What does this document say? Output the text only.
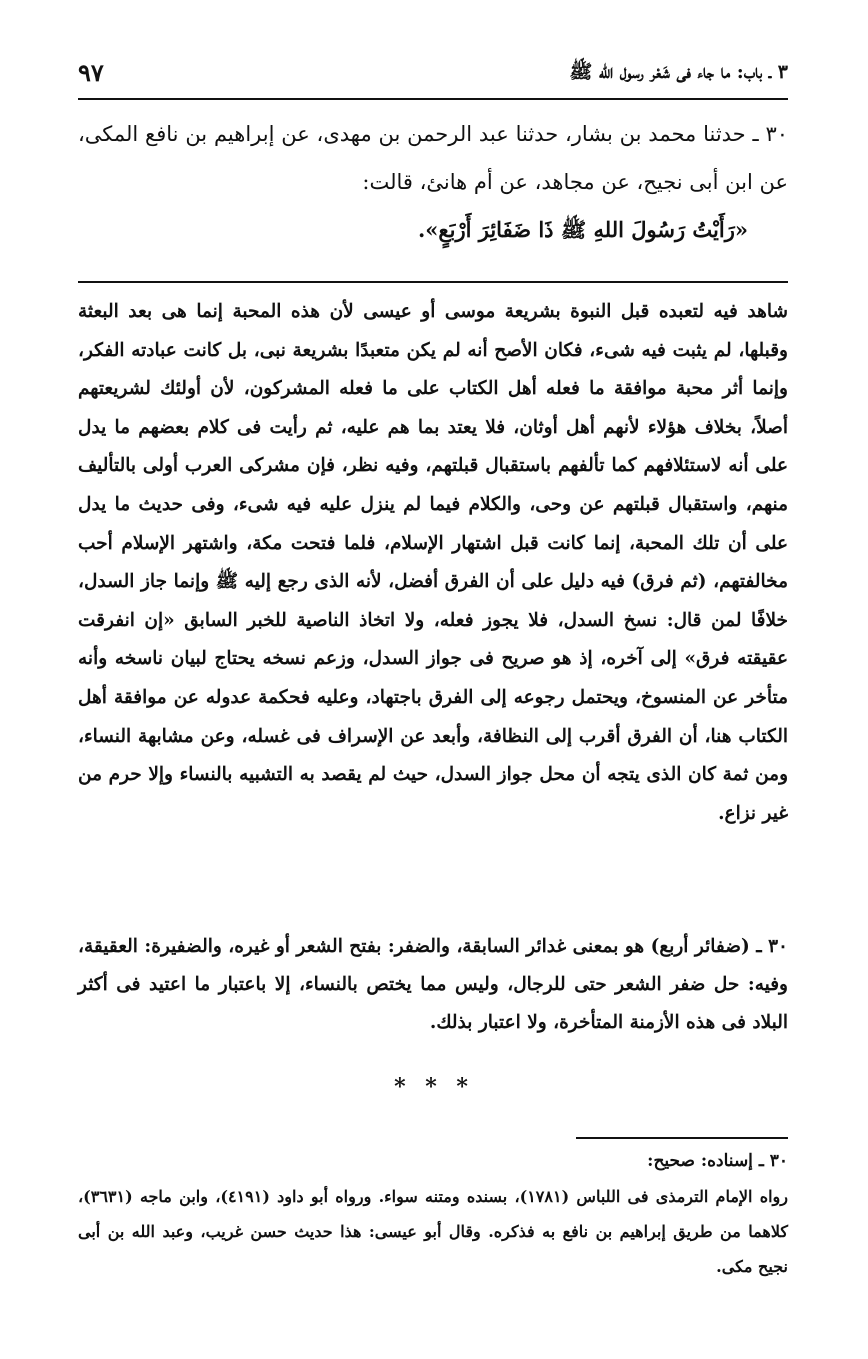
٣ ـ باب: ما جاء فى شَعْر رسول الله ﷺ
٩٧

٣٠ ـ حدثنا محمد بن بشار، حدثنا عبد الرحمن بن مهدى، عن إبراهيم بن نافع المكى، عن ابن أبى نجيح، عن مجاهد، عن أم هانئ، قالت:

«رَأَيْتُ رَسُولَ اللهِ ﷺ ذَا ضَفَائِرَ أَرْبَعٍ».

شاهد فيه لتعبده قبل النبوة بشريعة موسى أو عيسى لأن هذه المحبة إنما هى بعد البعثة وقبلها، لم يثبت فيه شىء، فكان الأصح أنه لم يكن متعبدًا بشريعة نبى، بل كانت عبادته الفكر، وإنما أثر محبة موافقة ما فعله أهل الكتاب على ما فعله المشركون، لأن أولئك لشريعتهم أصلاً، بخلاف هؤلاء لأنهم أهل أوثان، فلا يعتد بما هم عليه، ثم رأيت فى كلام بعضهم ما يدل على أنه لاستئلافهم كما تألفهم باستقبال قبلتهم، وفيه نظر، فإن مشركى العرب أولى بالتأليف منهم، واستقبال قبلتهم عن وحى، والكلام فيما لم ينزل عليه فيه شىء، وفى حديث ما يدل على أن تلك المحبة، إنما كانت قبل اشتهار الإسلام، فلما فتحت مكة، واشتهر الإسلام أحب مخالفتهم، (ثم فرق) فيه دليل على أن الفرق أفضل، لأنه الذى رجع إليه ﷺ وإنما جاز السدل، خلافًا لمن قال: نسخ السدل، فلا يجوز فعله، ولا اتخاذ الناصية للخبر السابق «إن انفرقت عقيقته فرق» إلى آخره، إذ هو صريح فى جواز السدل، وزعم نسخه يحتاج لبيان ناسخه وأنه متأخر عن المنسوخ، ويحتمل رجوعه إلى الفرق باجتهاد، وعليه فحكمة عدوله عن موافقة أهل الكتاب هنا، أن الفرق أقرب إلى النظافة، وأبعد عن الإسراف فى غسله، وعن مشابهة النساء، ومن ثمة كان الذى يتجه أن محل جواز السدل، حيث لم يقصد به التشبيه بالنساء وإلا حرم من غير نزاع.

٣٠ ـ (ضفائر أربع) هو بمعنى غدائر السابقة، والضفر: بفتح الشعر أو غيره، والضفيرة: العقيقة، وفيه: حل ضفر الشعر حتى للرجال، وليس مما يختص بالنساء، إلا باعتبار ما اعتيد فى أكثر البلاد فى هذه الأزمنة المتأخرة، ولا اعتبار بذلك.

* * *

٣٠ ـ إسناده: صحيح:

رواه الإمام الترمذى فى اللباس (١٧٨١)، بسنده ومتنه سواء. ورواه أبو داود (٤١٩١)، وابن ماجه (٣٦٣١)، كلاهما من طريق إبراهيم بن نافع به فذكره. وقال أبو عيسى: هذا حديث حسن غريب، وعبد الله بن أبى نجيح مكى.
